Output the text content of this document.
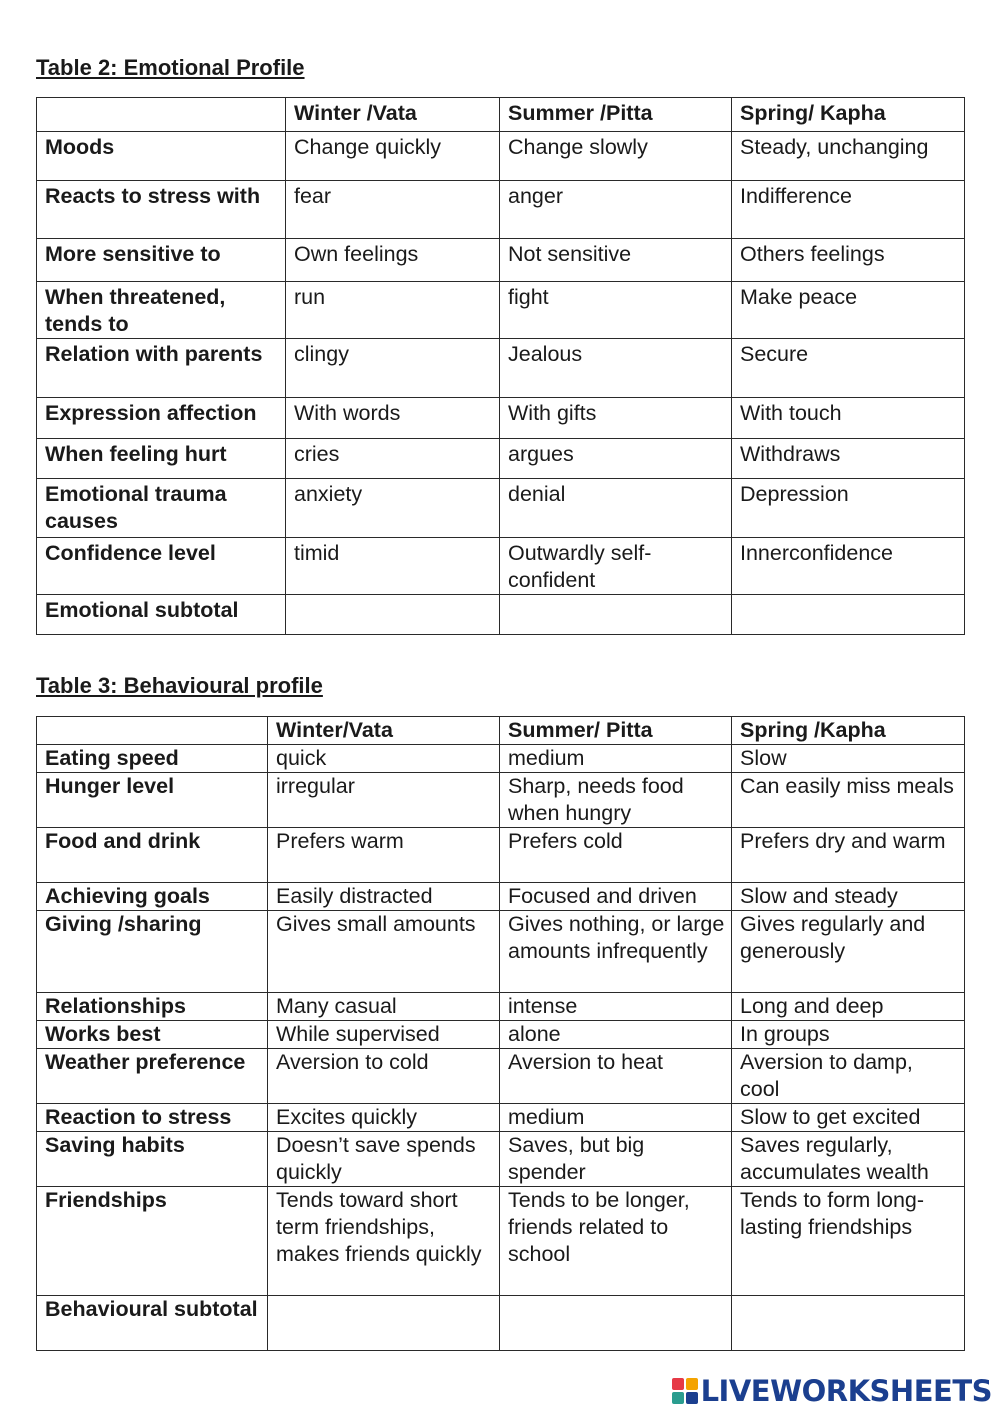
Table 2: Emotional Profile
	Winter /Vata	Summer /Pitta	Spring/ Kapha
Moods	Change quickly	Change slowly	Steady, unchanging
Reacts to stress with	fear	anger	Indifference
More sensitive to	Own feelings	Not sensitive	Others feelings
When threatened, tends to	run	fight	Make peace
Relation with parents	clingy	Jealous	Secure
Expression affection	With words	With gifts	With touch
When feeling hurt	cries	argues	Withdraws
Emotional trauma causes	anxiety	denial	Depression
Confidence level	timid	Outwardly self-confident	Innerconfidence
Emotional subtotal			
Table 3: Behavioural profile
	Winter/Vata	Summer/ Pitta	Spring /Kapha
Eating speed	quick	medium	Slow
Hunger level	irregular	Sharp, needs food when hungry	Can easily miss meals
Food and drink	Prefers warm	Prefers cold	Prefers dry and warm
Achieving goals	Easily distracted	Focused and driven	Slow and steady
Giving /sharing	Gives small amounts	Gives nothing, or large amounts infrequently	Gives regularly and generously
Relationships	Many casual	intense	Long and deep
Works best	While supervised	alone	In groups
Weather preference	Aversion to cold	Aversion to heat	Aversion to damp, cool
Reaction to stress	Excites quickly	medium	Slow to get excited
Saving habits	Doesn’t save spends quickly	Saves, but big spender	Saves regularly, accumulates wealth
Friendships	Tends toward short term friendships, makes friends quickly	Tends to be longer, friends related to school	Tends to form long-lasting friendships
Behavioural subtotal			
LIVEWORKSHEETS
